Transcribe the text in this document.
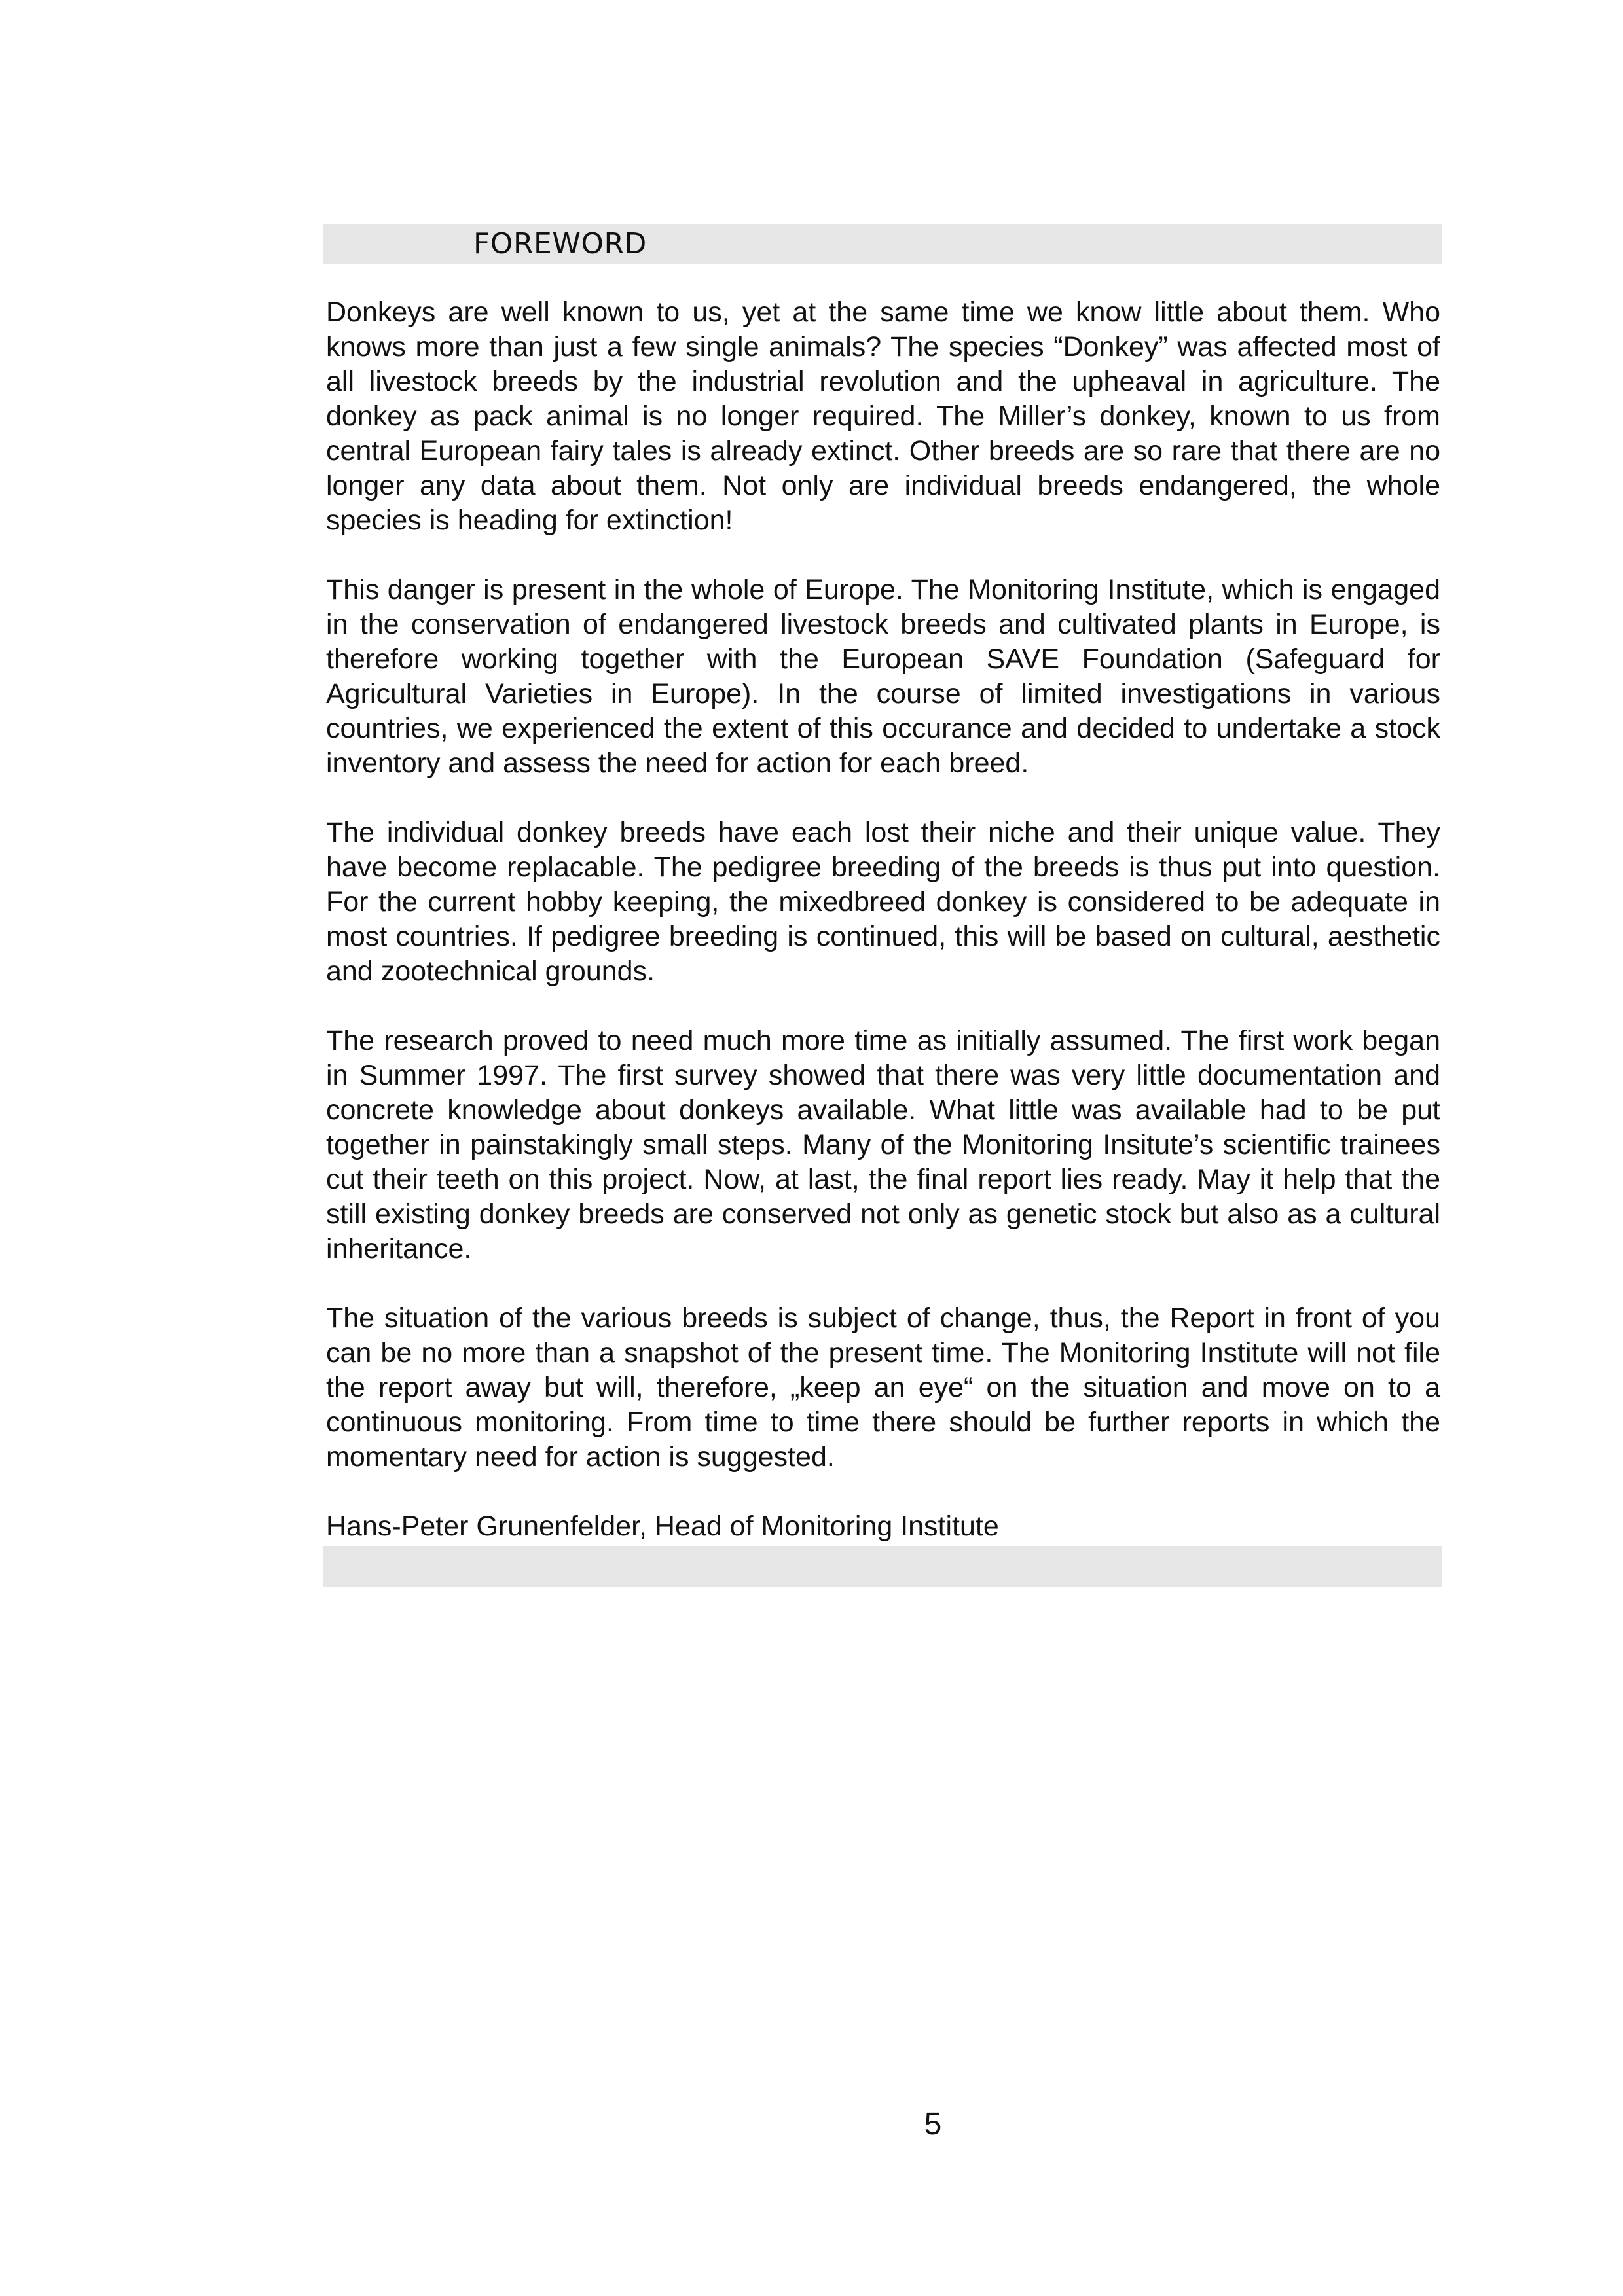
FOREWORD

Donkeys are well known to us, yet at the same time we know little about them. Who knows more than just a few single animals? The species “Donkey” was affected most of all livestock breeds by the industrial revolution and the upheaval in agriculture. The donkey as pack animal is no longer required. The Miller’s donkey, known to us from central European fairy tales is already extinct. Other breeds are so rare that there are no longer any data about them. Not only are individual breeds endangered, the whole species is heading for extinction!

This danger is present in the whole of Europe. The Monitoring Institute, which is engaged in the conservation of endangered livestock breeds and cultivated plants in Europe, is therefore working together with the European SAVE Foundation (Safeguard for Agricultural Varieties in Europe). In the course of limited investigations in various countries, we experienced the extent of this occurance and decided to undertake a stock inventory and assess the need for action for each breed.

The individual donkey breeds have each lost their niche and their unique value. They have become replacable. The pedigree breeding of the breeds is thus put into question. For the current hobby keeping, the mixedbreed donkey is considered to be adequate in most countries. If pedigree breeding is continued, this will be based on cultural, aesthetic and zootechnical grounds.

The research proved to need much more time as initially assumed. The first work began in Summer 1997. The first survey showed that there was very little documentation and concrete knowledge about donkeys available. What little was available had to be put together in painstakingly small steps. Many of the Monitoring Insitute’s scientific trainees cut their teeth on this project. Now, at last, the final report lies ready. May it help that the still existing donkey breeds are conserved not only as genetic stock but also as a cultural inheritance.

The situation of the various breeds is subject of change, thus, the Report in front of you can be no more than a snapshot of the present time. The Monitoring Institute will not file the report away but will, therefore, „keep an eye“ on the situation and move on to a continuous monitoring. From time to time there should be further reports in which the momentary need for action is suggested.

Hans-Peter Grunenfelder, Head of Monitoring Institute

5
